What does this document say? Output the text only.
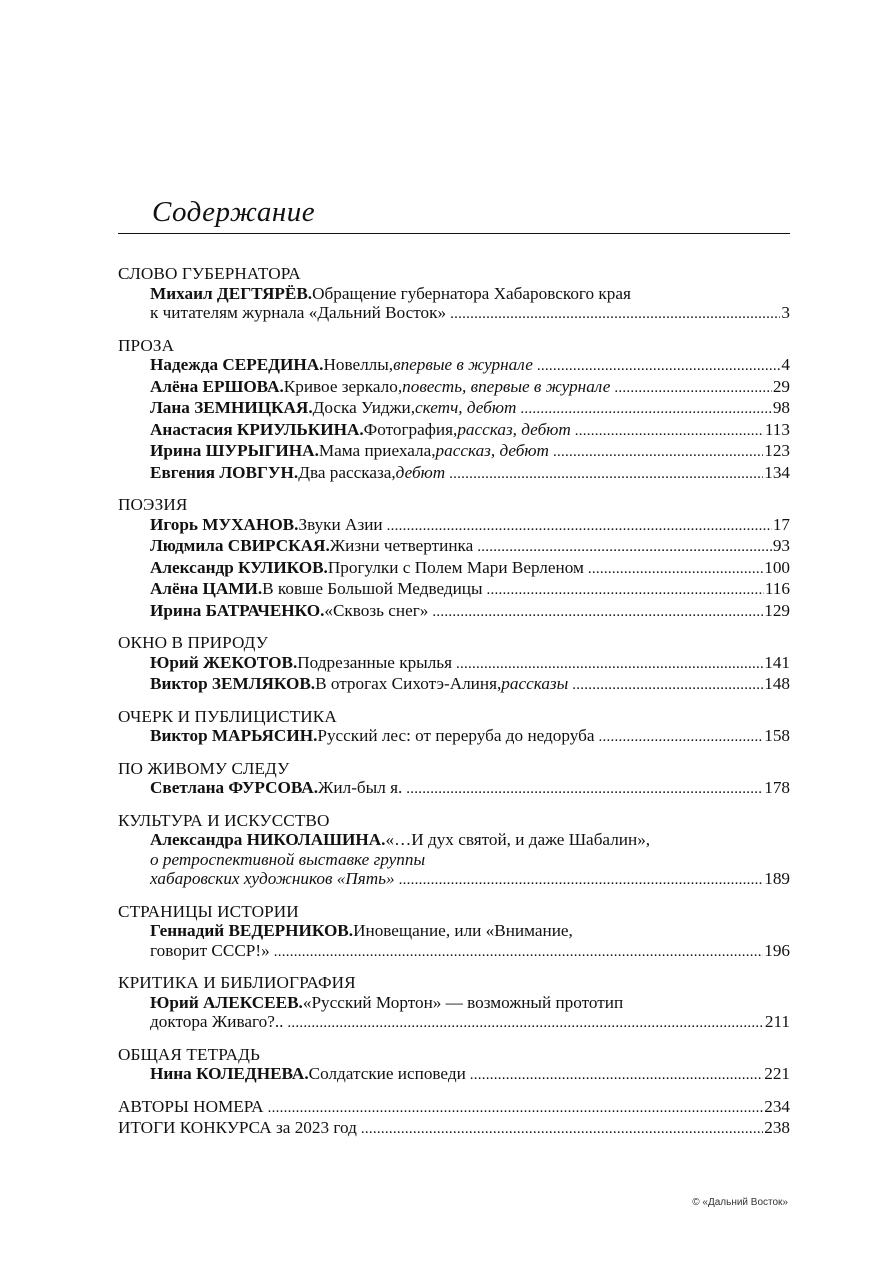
Содержание
СЛОВО ГУБЕРНАТОРА
Михаил ДЕГТЯРЁВ. Обращение губернатора Хабаровского края
к читателям журнала «Дальний Восток» . . .	3
ПРОЗА
Надежда СЕРЕДИНА. Новеллы, впервые в журнале . . .	4
Алёна ЕРШОВА. Кривое зеркало, повесть, впервые в журнале . . .	29
Лана ЗЕМНИЦКАЯ. Доска Уиджи, скетч, дебют . . .	98
Анастасия КРИУЛЬКИНА. Фотография, рассказ, дебют . . .	113
Ирина ШУРЫГИНА. Мама приехала, рассказ, дебют . . .	123
Евгения ЛОВГУН. Два рассказа, дебют . . .	134
ПОЭЗИЯ
Игорь МУХАНОВ. Звуки Азии . . .	17
Людмила СВИРСКАЯ. Жизни четвертинка . . .	93
Александр КУЛИКОВ. Прогулки с Полем Мари Верленом . . .	100
Алёна ЦАМИ. В ковше Большой Медведицы . . .	116
Ирина БАТРАЧЕНКО. «Сквозь снег» . . .	129
ОКНО В ПРИРОДУ
Юрий ЖЕКОТОВ. Подрезанные крылья . . .	141
Виктор ЗЕМЛЯКОВ. В отрогах Сихотэ-Алиня, рассказы . . .	148
ОЧЕРК И ПУБЛИЦИСТИКА
Виктор МАРЬЯСИН. Русский лес: от переруба до недоруба . . .	158
ПО ЖИВОМУ СЛЕДУ
Светлана ФУРСОВА. Жил-был я. . . .	178
КУЛЬТУРА И ИСКУССТВО
Александра НИКОЛАШИНА. «…И дух святой, и даже Шабалин»,
о ретроспективной выставке группы
хабаровских художников «Пять» . . .	189
СТРАНИЦЫ ИСТОРИИ
Геннадий ВЕДЕРНИКОВ. Иновещание, или «Внимание,
говорит СССР!» . . .	196
КРИТИКА И БИБЛИОГРАФИЯ
Юрий АЛЕКСЕЕВ. «Русский Мортон» — возможный прототип
доктора Живаго?.. . . .	211
ОБЩАЯ ТЕТРАДЬ
Нина КОЛЕДНЕВА. Солдатские исповеди . . .	221
АВТОРЫ НОМЕРА . . .	234
ИТОГИ КОНКУРСА за 2023 год . . .	238
© «Дальний Восток»
